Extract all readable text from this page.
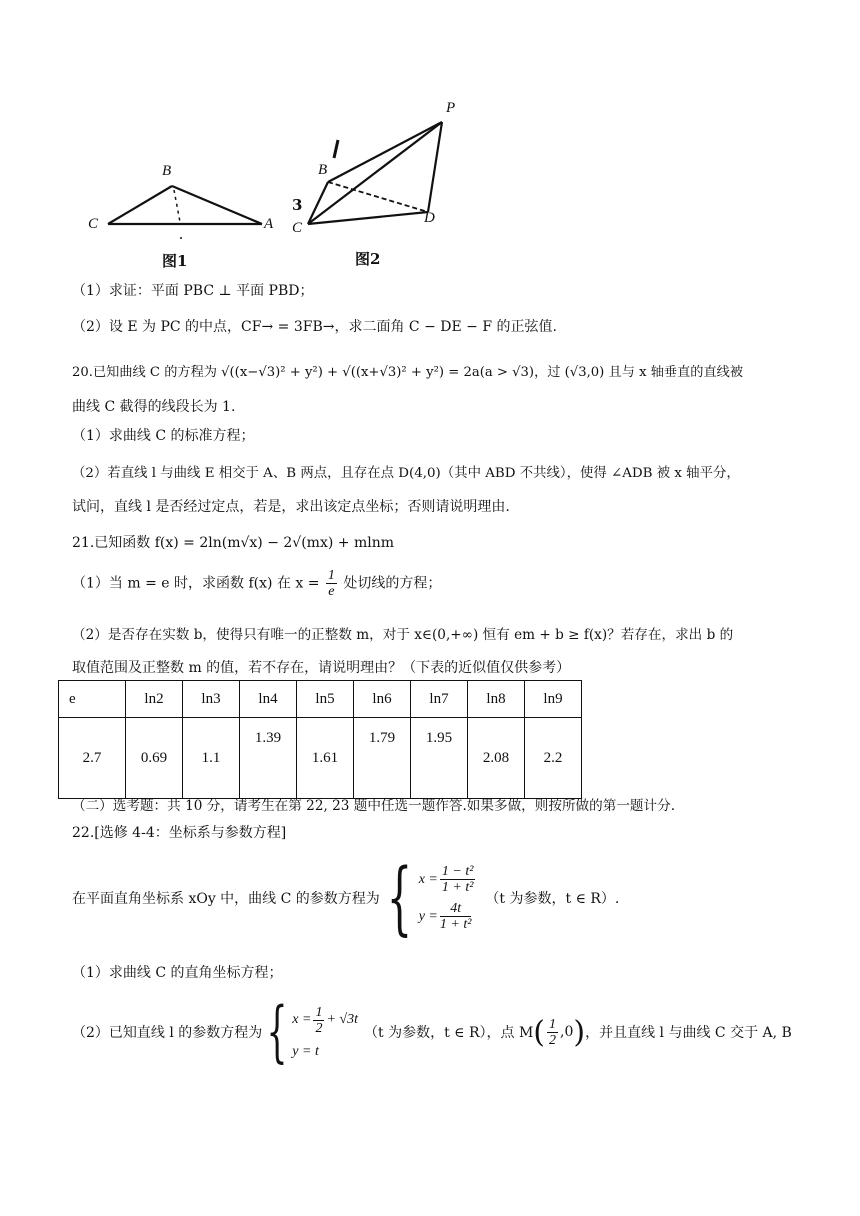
B
C	A
图1
P
B
C
D
3
图2
（1）求证：平面 PBC ⊥ 平面 PBD；
（2）设 E 为 PC 的中点，CF→ = 3FB→，求二面角 C − DE − F 的正弦值.
20.已知曲线 C 的方程为 √((x−√3)² + y²) + √((x+√3)² + y²) = 2a(a > √3)，过 (√3,0) 且与 x 轴垂直的直线被
曲线 C 截得的线段长为 1.
（1）求曲线 C 的标准方程；
（2）若直线 l 与曲线 E 相交于 A、B 两点，且存在点 D(4,0)（其中 ABD 不共线），使得 ∠ADB 被 x 轴平分，
试问，直线 l 是否经过定点，若是，求出该定点坐标；否则请说明理由.
21.已知函数 f(x) = 2ln(m√x) − 2√(mx) + mlnm
（1）当 m = e 时，求函数 f(x) 在 $x = \frac{1}{e}$ 处切线的方程；
（2）是否存在实数 b，使得只有唯一的正整数 m，对于 x∈(0,+∞) 恒有 em + b ≥ f(x)？若存在，求出 b 的
取值范围及正整数 m 的值，若不存在，请说明理由？（下表的近似值仅供参考）
e	ln2	ln3	ln4	ln5	ln6	ln7	ln8	ln9
2.7	0.69	1.1	1.39	1.61	1.79	1.95	2.08	2.2
（二）选考题：共 10 分，请考生在第 22, 23 题中任选一题作答.如果多做，则按所做的第一题计分.
22.[选修 4-4：坐标系与参数方程]
在平面直角坐标系 xOy 中，曲线 C 的参数方程为 { $x = \frac{\text{1 − t²}}{\text{1 + t²}}$
$y = \frac{4t}{\text{1 + t²}}$
（t 为参数，t ∈ R）.
（1）求曲线 C 的直角坐标方程；
（2）已知直线 l 的参数方程为 { $x = \frac{1}{2} + √3t$
y = t
（t 为参数，t ∈ R），点 M ( $\frac{1}{2} ,0$ ) ，并且直线 l 与曲线 C 交于 A, B
